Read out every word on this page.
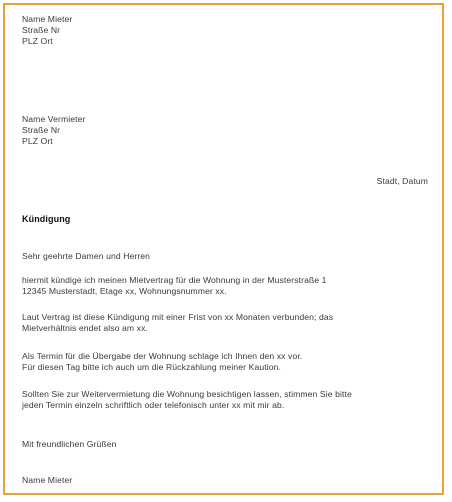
Name Mieter
Straße Nr
PLZ Ort
Name Vermieter
Straße Nr
PLZ Ort
Stadt, Datum
Kündigung
Sehr geehrte Damen und Herren
hiermit kündige ich meinen Mietvertrag für die Wohnung in der Musterstraße 1
12345 Musterstadt, Etage xx, Wohnungsnummer xx.
Laut Vertrag ist diese Kündigung mit einer Frist von xx Monaten verbunden; das
Mietverhältnis endet also am xx.
Als Termin für die Übergabe der Wohnung schlage ich Ihnen den xx vor.
Für diesen Tag bitte ich auch um die Rückzahlung meiner Kaution.
Sollten Sie zur Weitervermietung die Wohnung besichtigen lassen, stimmen Sie bitte
jeden Termin einzeln schriftlich oder telefonisch unter xx mit mir ab.
Mit freundlichen Grüßen
Name Mieter
